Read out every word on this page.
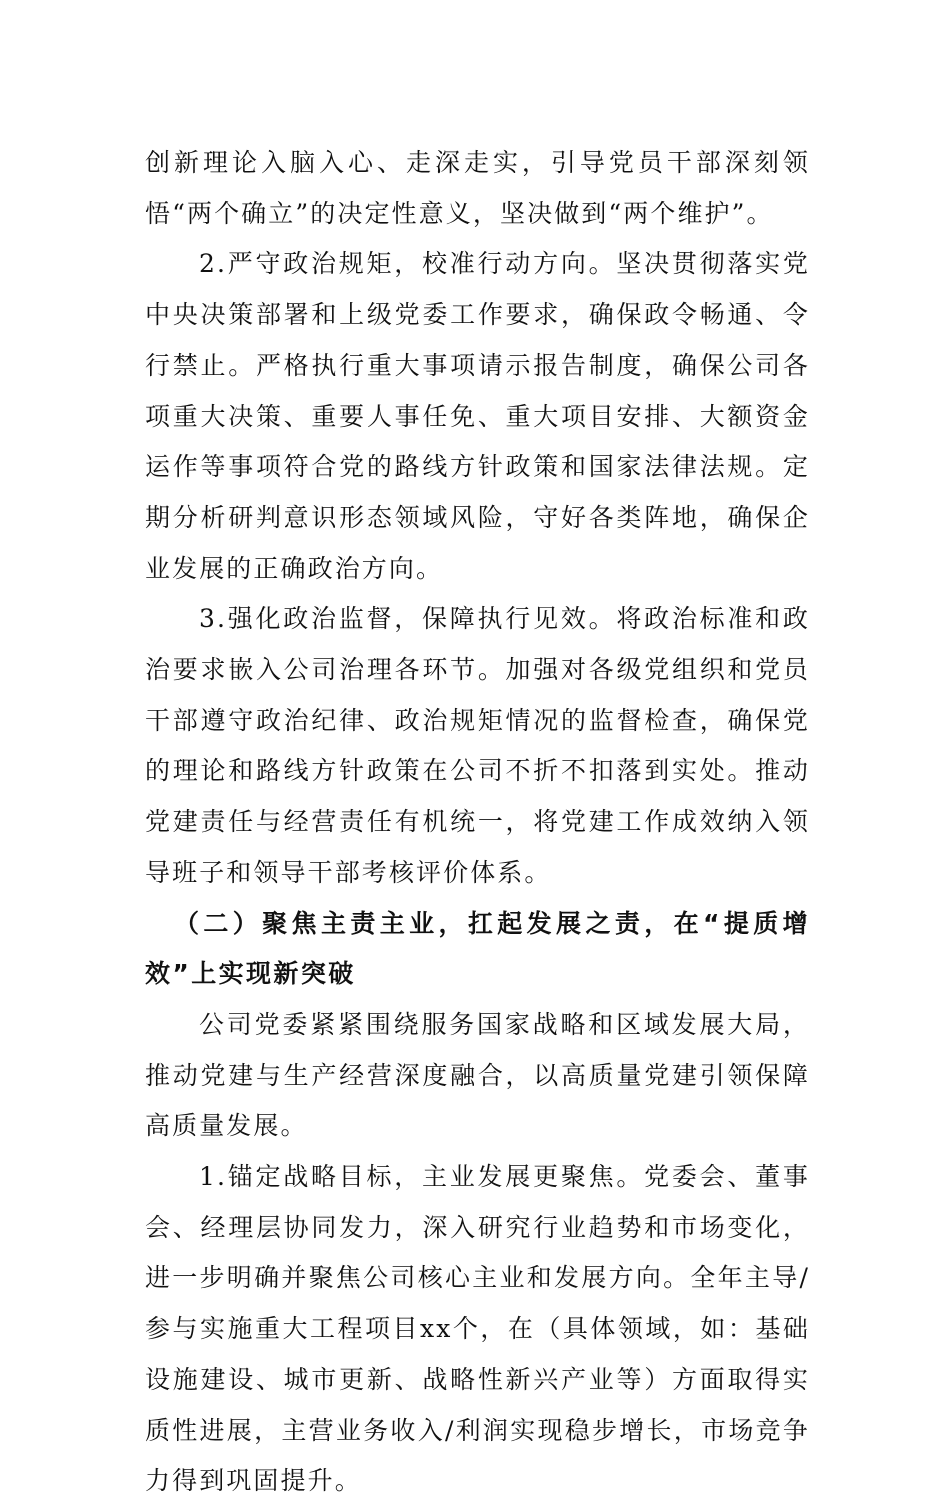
创新理论入脑入心、走深走实，引导党员干部深刻领悟“两个确立”的决定性意义，坚决做到“两个维护”。

2.严守政治规矩，校准行动方向。坚决贯彻落实党中央决策部署和上级党委工作要求，确保政令畅通、令行禁止。严格执行重大事项请示报告制度，确保公司各项重大决策、重要人事任免、重大项目安排、大额资金运作等事项符合党的路线方针政策和国家法律法规。定期分析研判意识形态领域风险，守好各类阵地，确保企业发展的正确政治方向。

3.强化政治监督，保障执行见效。将政治标准和政治要求嵌入公司治理各环节。加强对各级党组织和党员干部遵守政治纪律、政治规矩情况的监督检查，确保党的理论和路线方针政策在公司不折不扣落到实处。推动党建责任与经营责任有机统一，将党建工作成效纳入领导班子和领导干部考核评价体系。

（二）聚焦主责主业，扛起发展之责，在“提质增效”上实现新突破

公司党委紧紧围绕服务国家战略和区域发展大局，推动党建与生产经营深度融合，以高质量党建引领保障高质量发展。

1.锚定战略目标，主业发展更聚焦。党委会、董事会、经理层协同发力，深入研究行业趋势和市场变化，进一步明确并聚焦公司核心主业和发展方向。全年主导/参与实施重大工程项目xx个，在（具体领域，如：基础设施建设、城市更新、战略性新兴产业等）方面取得实质性进展，主营业务收入/利润实现稳步增长，市场竞争力得到巩固提升。
